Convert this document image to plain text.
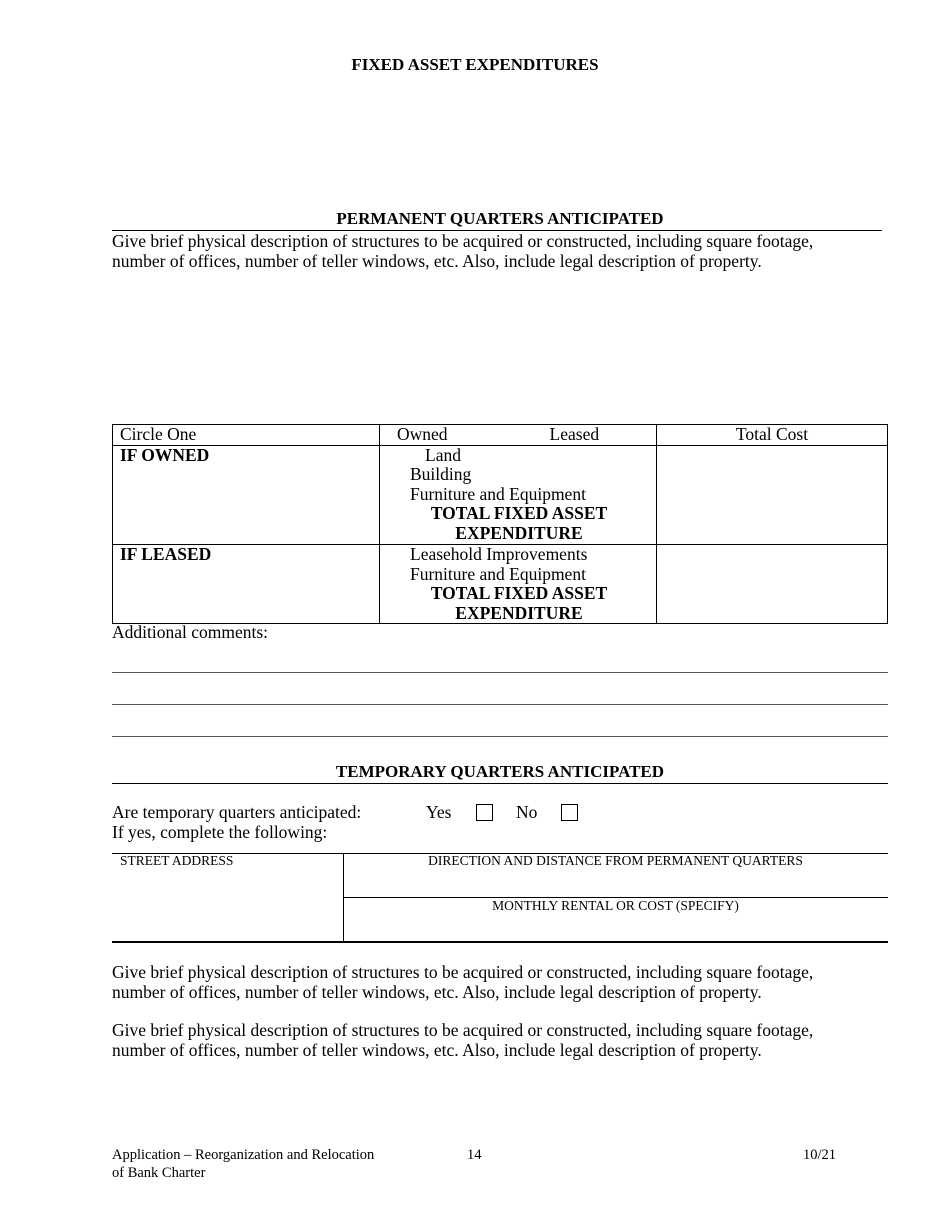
FIXED ASSET EXPENDITURES
PERMANENT QUARTERS ANTICIPATED
Give brief physical description of structures to be acquired or constructed, including square footage,
number of offices, number of teller windows, etc. Also, include legal description of property.
Circle One	Owned Leased	Total Cost
IF OWNED	Land
Building
Furniture and Equipment
TOTAL FIXED ASSET
EXPENDITURE	

IF LEASED	Leasehold Improvements
Furniture and Equipment
TOTAL FIXED ASSET
EXPENDITURE	

Additional comments:
TEMPORARY QUARTERS ANTICIPATED
Are temporary quarters anticipated:
If yes, complete the following:
Yes	No
STREET ADDRESS	DIRECTION AND DISTANCE FROM PERMANENT QUARTERS
MONTHLY RENTAL OR COST (SPECIFY)
Give brief physical description of structures to be acquired or constructed, including square footage,
number of offices, number of teller windows, etc. Also, include legal description of property.
Give brief physical description of structures to be acquired or constructed, including square footage,
number of offices, number of teller windows, etc. Also, include legal description of property.
Application – Reorganization and Relocation
of Bank Charter
14	10/21
